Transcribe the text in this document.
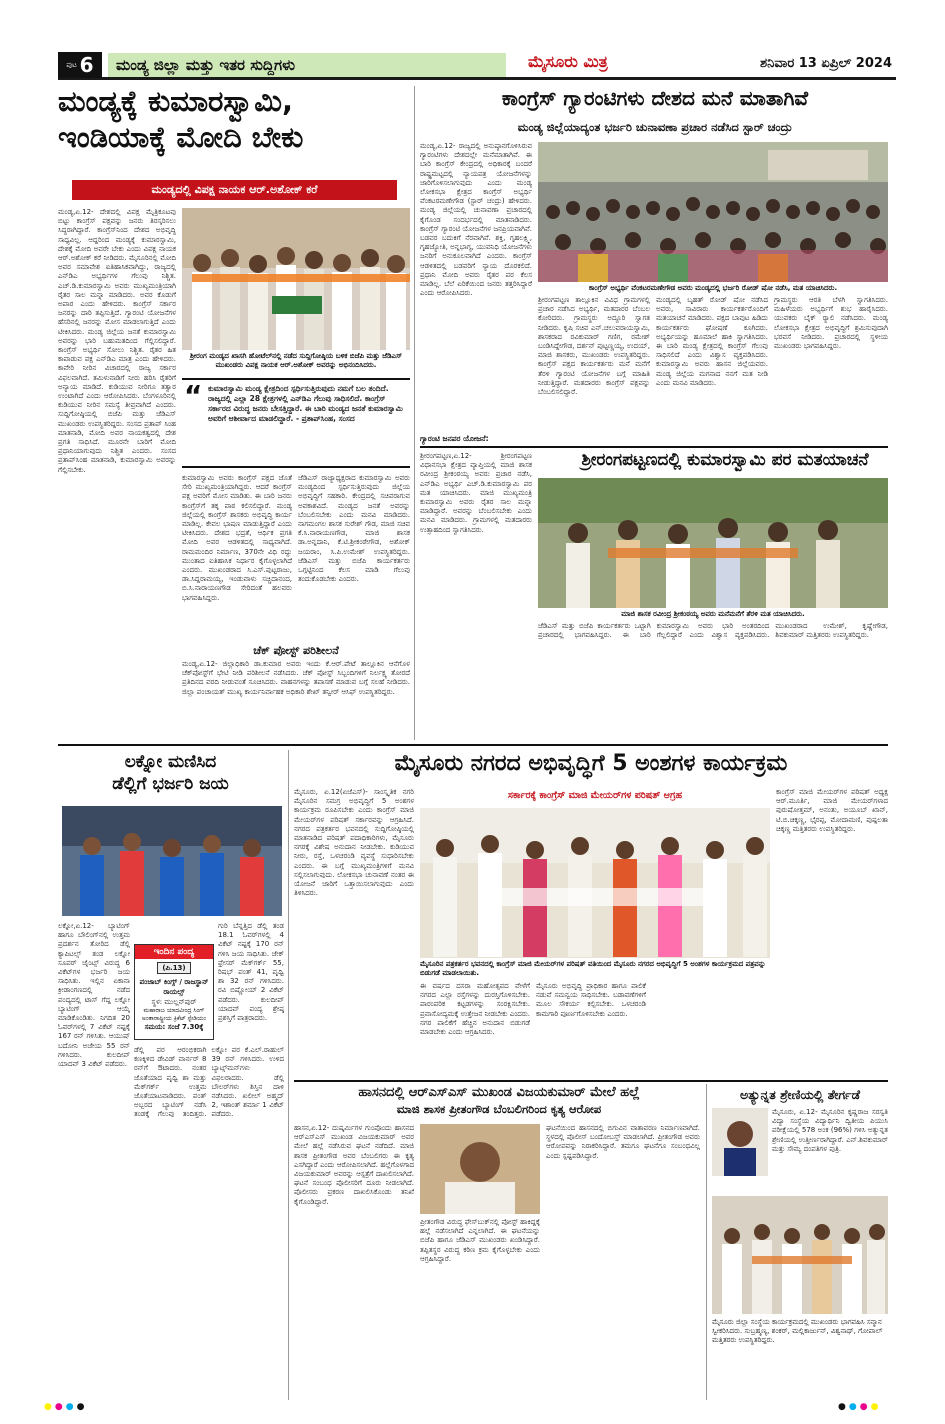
ಪುಟ 6	ಮಂಡ್ಯ ಜಿಲ್ಲಾ ಮತ್ತು ಇತರ ಸುದ್ದಿಗಳು	ಮೈಸೂರು ಮಿತ್ರ	ಶನಿವಾರ 13 ಏಪ್ರಿಲ್ 2024
ಮಂಡ್ಯಕ್ಕೆ ಕುಮಾರಸ್ವಾಮಿ,
ಇಂಡಿಯಾಕ್ಕೆ ಮೋದಿ ಬೇಕು
ಮಂಡ್ಯದಲ್ಲಿ ವಿಪಕ್ಷ ನಾಯಕ ಆರ್.ಅಶೋಕ್ ಕರೆ

ಮಂಡ್ಯ,ಏ.12- ದೇಶದಲ್ಲಿ ವಿಪಕ್ಷ ಮೈತ್ರಿಕೂಟವು ಬಿಟ್ಟು ಕಾಂಗ್ರೆಸ್ ಪಕ್ಷವನ್ನು ಜನರು ತಿರಸ್ಕರಿಸಲು ಸಿದ್ಧರಾಗಿದ್ದಾರೆ. ಕಾಂಗ್ರೆಸ್‌ನಿಂದ ದೇಶದ ಅಭಿವೃದ್ಧಿ ಸಾಧ್ಯವಿಲ್ಲ. ಆದ್ದರಿಂದ ಮಂಡ್ಯಕ್ಕೆ ಕುಮಾರಸ್ವಾಮಿ, ದೇಶಕ್ಕೆ ಮೋದಿ ಅವರೇ ಬೇಕು ಎಂದು ವಿಪಕ್ಷ ನಾಯಕ ಆರ್.ಅಶೋಕ್ ಕರೆ ನೀಡಿದರು. ಮೈಸೂರಿನಲ್ಲಿ ಮೋದಿ ಅವರ ಸಮಾವೇಶ ಐತಿಹಾಸಿಕವಾಗಿದ್ದು, ರಾಜ್ಯದಲ್ಲಿ ಎನ್‌ಡಿಎ ಅಭ್ಯರ್ಥಿಗಳ ಗೆಲುವು ನಿಶ್ಚಿತ. ಎಚ್.ಡಿ.ಕುಮಾರಸ್ವಾಮಿ ಅವರು ಮುಖ್ಯಮಂತ್ರಿಯಾಗಿ ರೈತರ ಸಾಲ ಮನ್ನಾ ಮಾಡಿದರು. ಅವರ ಕೊಡುಗೆ ಅಪಾರ ಎಂದು ಹೇಳಿದರು. ಕಾಂಗ್ರೆಸ್ ಸರ್ಕಾರ ಜನರನ್ನು ದಾರಿ ತಪ್ಪಿಸುತ್ತಿದೆ. ಗ್ಯಾರಂಟಿ ಯೋಜನೆಗಳ ಹೆಸರಿನಲ್ಲಿ ಜನರನ್ನು ಮೋಸ ಮಾಡಲಾಗುತ್ತಿದೆ ಎಂದು ಟೀಕಿಸಿದರು. ಮಂಡ್ಯ ಜಿಲ್ಲೆಯ ಜನತೆ ಕುಮಾರಸ್ವಾಮಿ ಅವರನ್ನು ಭಾರಿ ಬಹುಮತದಿಂದ ಗೆಲ್ಲಿಸಲಿದ್ದಾರೆ. ಕಾಂಗ್ರೆಸ್ ಅಭ್ಯರ್ಥಿ ಸೋಲು ನಿಶ್ಚಿತ. ರೈತರ ಹಿತ ಕಾಪಾಡುವ ಪಕ್ಷ ಎನ್‌ಡಿಎ ಮಾತ್ರ ಎಂದು ಹೇಳಿದರು. ಕಾವೇರಿ ನೀರಿನ ವಿಚಾರದಲ್ಲಿ ರಾಜ್ಯ ಸರ್ಕಾರ ವಿಫಲವಾಗಿದೆ. ತಮಿಳುನಾಡಿಗೆ ನೀರು ಹರಿಸಿ ರೈತರಿಗೆ ಅನ್ಯಾಯ ಮಾಡಿದೆ. ಕುಡಿಯುವ ನೀರಿಗೂ ತತ್ವಾರ ಉಂಟಾಗಿದೆ ಎಂದು ಆರೋಪಿಸಿದರು. ಬೆಂಗಳೂರಿನಲ್ಲಿ ಕುಡಿಯುವ ನೀರಿನ ಸಮಸ್ಯೆ ತೀವ್ರವಾಗಿದೆ ಎಂದರು. ಸುದ್ದಿಗೋಷ್ಠಿಯಲ್ಲಿ ಬಿಜೆಪಿ ಮತ್ತು ಜೆಡಿಎಸ್ ಮುಖಂಡರು ಉಪಸ್ಥಿತರಿದ್ದರು. ಸಂಸದ ಪ್ರತಾಪ್ ಸಿಂಹ ಮಾತನಾಡಿ, ಮೋದಿ ಅವರ ನಾಯಕತ್ವದಲ್ಲಿ ದೇಶ ಪ್ರಗತಿ ಸಾಧಿಸಿದೆ. ಮೂರನೇ ಬಾರಿಗೆ ಮೋದಿ ಪ್ರಧಾನಿಯಾಗುವುದು ನಿಶ್ಚಿತ ಎಂದರು. ಸಂಸದ ಪ್ರತಾಪ್‌ಸಿಂಹ ಮಾತನಾಡಿ, ಕುಮಾರಸ್ವಾಮಿ ಅವರನ್ನು ಗೆಲ್ಲಿಸಬೇಕು.

ಶ್ರೀರಂಗ ಮಂಡ್ಯದ ಖಾಸಗಿ ಹೋಟೆಲ್‌ನಲ್ಲಿ ನಡೆದ ಸುದ್ದಿಗೋಷ್ಠಿಯ ಬಳಿಕ ಬಿಜೆಪಿ ಮತ್ತು ಜೆಡಿಎಸ್ ಮುಖಂಡರು ವಿಪಕ್ಷ ನಾಯಕ ಆರ್.ಅಶೋಕ್ ಅವರನ್ನು ಅಭಿನಂದಿಸಿದರು.
“ ಕುಮಾರಸ್ವಾಮಿ ಮಂಡ್ಯ ಕ್ಷೇತ್ರದಿಂದ ಸ್ಪರ್ಧಿಸುತ್ತಿರುವುದು ನಮಗೆ ಬಲ ತಂದಿದೆ. ರಾಜ್ಯದಲ್ಲಿ ಎಲ್ಲಾ 28 ಕ್ಷೇತ್ರಗಳಲ್ಲಿ ಎನ್‌ಡಿಎ ಗೆಲುವು ಸಾಧಿಸಲಿದೆ. ಕಾಂಗ್ರೆಸ್ ಸರ್ಕಾರದ ವಿರುದ್ಧ ಜನರು ಬೇಸತ್ತಿದ್ದಾರೆ. ಈ ಬಾರಿ ಮಂಡ್ಯದ ಜನತೆ ಕುಮಾರಸ್ವಾಮಿ ಅವರಿಗೆ ಆಶೀರ್ವಾದ ಮಾಡಲಿದ್ದಾರೆ. - ಪ್ರತಾಪ್‌ಸಿಂಹ, ಸಂಸದ

ಕುಮಾರಸ್ವಾಮಿ ಅವರು ಕಾಂಗ್ರೆಸ್ ಪಕ್ಷದ ಜೊತೆ ಸೇರಿ ಮುಖ್ಯಮಂತ್ರಿಯಾಗಿದ್ದರು. ಆದರೆ ಕಾಂಗ್ರೆಸ್ ಪಕ್ಷ ಅವರಿಗೆ ಮೋಸ ಮಾಡಿತು. ಈ ಬಾರಿ ಜನರು ಕಾಂಗ್ರೆಸ್‌ಗೆ ತಕ್ಕ ಪಾಠ ಕಲಿಸಲಿದ್ದಾರೆ. ಮಂಡ್ಯ ಜಿಲ್ಲೆಯಲ್ಲಿ ಕಾಂಗ್ರೆಸ್ ಶಾಸಕರು ಅಭಿವೃದ್ಧಿ ಕಾರ್ಯ ಮಾಡಿಲ್ಲ. ಕೇವಲ ಭಾಷಣ ಮಾಡುತ್ತಿದ್ದಾರೆ ಎಂದು ಟೀಕಿಸಿದರು. ದೇಶದ ಭದ್ರತೆ, ಆರ್ಥಿಕ ಪ್ರಗತಿ ಮೋದಿ ಅವರ ಆಡಳಿತದಲ್ಲಿ ಸಾಧ್ಯವಾಗಿದೆ. ರಾಮಮಂದಿರ ನಿರ್ಮಾಣ, 370ನೇ ವಿಧಿ ರದ್ದು ಮುಂತಾದ ಐತಿಹಾಸಿಕ ನಿರ್ಧಾರ ಕೈಗೊಳ್ಳಲಾಗಿದೆ ಎಂದರು. ಮುಖಂಡರಾದ ಸಿ.ಎಸ್.ಪುಟ್ಟರಾಜು, ಡಾ.ಸಿದ್ದರಾಮಯ್ಯ, ಇಂಡುವಾಳು ಸಚ್ಚಿದಾನಂದ, ಬಿ.ಸಿ.ನಾರಾಯಣಗೌಡ ಸೇರಿದಂತೆ ಹಲವರು ಭಾಗವಹಿಸಿದ್ದರು.

ಜೆಡಿಎಸ್ ರಾಜ್ಯಾಧ್ಯಕ್ಷರಾದ ಕುಮಾರಸ್ವಾಮಿ ಅವರು ಮಂಡ್ಯದಿಂದ ಸ್ಪರ್ಧಿಸುತ್ತಿರುವುದು ಜಿಲ್ಲೆಯ ಅಭಿವೃದ್ಧಿಗೆ ಸಹಕಾರಿ. ಕೇಂದ್ರದಲ್ಲಿ ಸಚಿವರಾಗುವ ಅವಕಾಶವಿದೆ. ಮಂಡ್ಯದ ಜನತೆ ಅವರನ್ನು ಬೆಂಬಲಿಸಬೇಕು ಎಂದು ಮನವಿ ಮಾಡಿದರು. ನಾಗಮಂಗಲ ಶಾಸಕ ಸುರೇಶ್ ಗೌಡ, ಮಾಜಿ ಸಚಿವ ಕೆ.ಸಿ.ನಾರಾಯಣಗೌಡ, ಮಾಜಿ ಶಾಸಕ ಡಾ.ಅನ್ನದಾನಿ, ಕೆ.ಟಿ.ಶ್ರೀಕಂಠೇಗೌಡ, ಅಶೋಕ್ ಜಯರಾಂ, ಸಿ.ಪಿ.ಉಮೇಶ್ ಉಪಸ್ಥಿತರಿದ್ದರು. ಜೆಡಿಎಸ್ ಮತ್ತು ಬಿಜೆಪಿ ಕಾರ್ಯಕರ್ತರು ಒಗ್ಗಟ್ಟಿನಿಂದ ಕೆಲಸ ಮಾಡಿ ಗೆಲುವು ತಂದುಕೊಡಬೇಕು ಎಂದರು.

ಚೆಕ್ ಪೋಸ್ಟ್ ಪರಿಶೀಲನೆ

ಮಂಡ್ಯ,ಏ.12- ಜಿಲ್ಲಾಧಿಕಾರಿ ಡಾ.ಕುಮಾರ ಅವರು ಇಂದು ಕೆ.ಆರ್.ಪೇಟೆ ತಾಲ್ಲೂಕಿನ ಆನೆಗೊಳ ಚೆಕ್‌ಪೋಸ್ಟ್‌ಗೆ ಭೇಟಿ ನೀಡಿ ಪರಿಶೀಲನೆ ನಡೆಸಿದರು. ಚೆಕ್ ಪೋಸ್ಟ್ ಸಿಬ್ಬಂದಿಗಳಿಗೆ ನಿರ್ಲಕ್ಷ್ಯ ತೋರದೆ ಪ್ರತಿದಿನದ ವರದಿ ನೀಡುವಂತೆ ಸೂಚಿಸಿದರು. ವಾಹನಗಳನ್ನು ತಪಾಸಣೆ ಮಾಡುವ ಬಗ್ಗೆ ಸಲಹೆ ನೀಡಿದರು. ಜಿಲ್ಲಾ ಪಂಚಾಯತ್ ಮುಖ್ಯ ಕಾರ್ಯನಿರ್ವಾಹಕ ಅಧಿಕಾರಿ ಶೇಖ್ ತನ್ವೀರ್ ಆಸಿಫ್ ಉಪಸ್ಥಿತರಿದ್ದರು.

ಕಾಂಗ್ರೆಸ್ ಗ್ಯಾರಂಟಿಗಳು ದೇಶದ ಮನೆ ಮಾತಾಗಿವೆ
ಮಂಡ್ಯ ಜಿಲ್ಲೆಯಾದ್ಯಂತ ಭರ್ಜರಿ ಚುನಾವಣಾ ಪ್ರಚಾರ ನಡೆಸಿದ ಸ್ಟಾರ್ ಚಂದ್ರು

ಮಂಡ್ಯ,ಏ.12- ರಾಜ್ಯದಲ್ಲಿ ಅನುಷ್ಠಾನಗೊಳಿಸಿರುವ ಗ್ಯಾರಂಟಿಗಳು ದೇಶದಲ್ಲೇ ಮನೆಮಾತಾಗಿವೆ. ಈ ಬಾರಿ ಕಾಂಗ್ರೆಸ್ ಕೇಂದ್ರದಲ್ಲಿ ಅಧಿಕಾರಕ್ಕೆ ಬಂದರೆ ರಾಷ್ಟ್ರಮಟ್ಟದಲ್ಲಿ ನ್ಯಾಯಪತ್ರ ಯೋಜನೆಗಳನ್ನು ಜಾರಿಗೊಳಿಸಲಾಗುವುದು ಎಂದು ಮಂಡ್ಯ ಲೋಕಸಭಾ ಕ್ಷೇತ್ರದ ಕಾಂಗ್ರೆಸ್ ಅಭ್ಯರ್ಥಿ ವೆಂಕಟರಮಣೇಗೌಡ (ಸ್ಟಾರ್ ಚಂದ್ರು) ಹೇಳಿದರು. ಮಂಡ್ಯ ಜಿಲ್ಲೆಯಲ್ಲಿ ಚುನಾವಣಾ ಪ್ರಚಾರದಲ್ಲಿ ಕೈಗೊಂಡ ಸಂದರ್ಭದಲ್ಲಿ ಮಾತನಾಡಿದರು. ಕಾಂಗ್ರೆಸ್ ಗ್ಯಾರಂಟಿ ಯೋಜನೆಗಳ ಜನಪ್ರಿಯವಾಗಿವೆ. ಬಡವರ ಬದುಕಿಗೆ ನೆರವಾಗಿವೆ. ಶಕ್ತಿ, ಗೃಹಲಕ್ಷ್ಮಿ, ಗೃಹಜ್ಯೋತಿ, ಅನ್ನಭಾಗ್ಯ, ಯುವನಿಧಿ ಯೋಜನೆಗಳು ಜನರಿಗೆ ಅನುಕೂಲವಾಗಿದೆ ಎಂದರು. ಕಾಂಗ್ರೆಸ್ ಆಡಳಿತದಲ್ಲಿ ಬಡವರಿಗೆ ನ್ಯಾಯ ದೊರಕಲಿದೆ. ಪ್ರಧಾನಿ ಮೋದಿ ಅವರು ರೈತರ ಪರ ಕೆಲಸ ಮಾಡಿಲ್ಲ. ಬೆಲೆ ಏರಿಕೆಯಿಂದ ಜನರು ತತ್ತರಿಸಿದ್ದಾರೆ ಎಂದು ಆರೋಪಿಸಿದರು.

ಕಾಂಗ್ರೆಸ್ ಅಭ್ಯರ್ಥಿ ವೆಂಕಟರಮಣೇಗೌಡ ಅವರು ಮಂಡ್ಯದಲ್ಲಿ ಭರ್ಜರಿ ರೋಡ್ ಷೋ ನಡೆಸಿ, ಮತ ಯಾಚಿಸಿದರು.

ಶ್ರೀರಂಗಪಟ್ಟಣ ತಾಲ್ಲೂಕಿನ ವಿವಿಧ ಗ್ರಾಮಗಳಲ್ಲಿ ಪ್ರಚಾರ ನಡೆಸಿದ ಅಭ್ಯರ್ಥಿ, ಮತದಾರರ ಬೆಂಬಲ ಕೋರಿದರು. ಗ್ರಾಮಸ್ಥರು ಅದ್ದೂರಿ ಸ್ವಾಗತ ನೀಡಿದರು. ಕೃಷಿ ಸಚಿವ ಎನ್.ಚಲುವರಾಯಸ್ವಾಮಿ, ಶಾಸಕರಾದ ರವಿಕುಮಾರ್ ಗಣಿಗ, ರಮೇಶ್ ಬಂಡಿಸಿದ್ದೇಗೌಡ, ದರ್ಶನ್ ಪುಟ್ಟಣ್ಣಯ್ಯ, ಉದಯ್, ಮಾಜಿ ಶಾಸಕರು, ಮುಖಂಡರು ಉಪಸ್ಥಿತರಿದ್ದರು. ಕಾಂಗ್ರೆಸ್ ಪಕ್ಷದ ಕಾರ್ಯಕರ್ತರು ಮನೆ ಮನೆಗೆ ತೆರಳಿ ಗ್ಯಾರಂಟಿ ಯೋಜನೆಗಳ ಬಗ್ಗೆ ಮಾಹಿತಿ ನೀಡುತ್ತಿದ್ದಾರೆ. ಮತದಾರರು ಕಾಂಗ್ರೆಸ್ ಪಕ್ಷವನ್ನು ಬೆಂಬಲಿಸಲಿದ್ದಾರೆ.

ಮಂಡ್ಯದಲ್ಲಿ ಬೃಹತ್ ರೋಡ್ ಷೋ ನಡೆಸಿದ ಅವರು, ಸಾವಿರಾರು ಕಾರ್ಯಕರ್ತರೊಂದಿಗೆ ಮತಯಾಚನೆ ಮಾಡಿದರು. ಪಕ್ಷದ ಬಾವುಟ ಹಿಡಿದು ಕಾರ್ಯಕರ್ತರು ಘೋಷಣೆ ಕೂಗಿದರು. ಅಭ್ಯರ್ಥಿಯನ್ನು ಹೂಮಾಲೆ ಹಾಕಿ ಸ್ವಾಗತಿಸಿದರು. ಈ ಬಾರಿ ಮಂಡ್ಯ ಕ್ಷೇತ್ರದಲ್ಲಿ ಕಾಂಗ್ರೆಸ್ ಗೆಲುವು ಸಾಧಿಸಲಿದೆ ಎಂದು ವಿಶ್ವಾಸ ವ್ಯಕ್ತಪಡಿಸಿದರು. ಕುಮಾರಸ್ವಾಮಿ ಅವರು ಹಾಸನ ಜಿಲ್ಲೆಯವರು. ಮಂಡ್ಯ ಜಿಲ್ಲೆಯ ಮಗನಾದ ನನಗೆ ಮತ ನೀಡಿ ಎಂದು ಮನವಿ ಮಾಡಿದರು.

ಗ್ರಾಮಸ್ಥರು ಆರತಿ ಬೆಳಗಿ ಸ್ವಾಗತಿಸಿದರು. ಮಹಿಳೆಯರು ಅಭ್ಯರ್ಥಿಗೆ ಶುಭ ಹಾರೈಸಿದರು. ಯುವಕರು ಬೈಕ್ ರ‍್ಯಾಲಿ ನಡೆಸಿದರು. ಮಂಡ್ಯ ಲೋಕಸಭಾ ಕ್ಷೇತ್ರದ ಅಭಿವೃದ್ಧಿಗೆ ಶ್ರಮಿಸುವುದಾಗಿ ಭರವಸೆ ನೀಡಿದರು. ಪ್ರಚಾರದಲ್ಲಿ ಸ್ಥಳೀಯ ಮುಖಂಡರು ಭಾಗವಹಿಸಿದ್ದರು.

ಗ್ಯಾರಂಟಿ ಜನಪರ ಯೋಜನೆ:
ಶ್ರೀರಂಗಪಟ್ಟಣದಲ್ಲಿ ಕುಮಾರಸ್ವಾಮಿ ಪರ ಮತಯಾಚನೆ

ಶ್ರೀರಂಗಪಟ್ಟಣ,ಏ.12- ಶ್ರೀರಂಗಪಟ್ಟಣ ವಿಧಾನಸಭಾ ಕ್ಷೇತ್ರದ ವ್ಯಾಪ್ತಿಯಲ್ಲಿ ಮಾಜಿ ಶಾಸಕ ರವೀಂದ್ರ ಶ್ರೀಕಂಠಯ್ಯ ಅವರು ಪ್ರಚಾರ ನಡೆಸಿ, ಎನ್‌ಡಿಎ ಅಭ್ಯರ್ಥಿ ಎಚ್.ಡಿ.ಕುಮಾರಸ್ವಾಮಿ ಪರ ಮತ ಯಾಚಿಸಿದರು. ಮಾಜಿ ಮುಖ್ಯಮಂತ್ರಿ ಕುಮಾರಸ್ವಾಮಿ ಅವರು ರೈತರ ಸಾಲ ಮನ್ನಾ ಮಾಡಿದ್ದಾರೆ. ಅವರನ್ನು ಬೆಂಬಲಿಸಬೇಕು ಎಂದು ಮನವಿ ಮಾಡಿದರು. ಗ್ರಾಮಗಳಲ್ಲಿ ಮತದಾರರು ಉತ್ಸಾಹದಿಂದ ಸ್ವಾಗತಿಸಿದರು.

ಮಾಜಿ ಶಾಸಕ ರವೀಂದ್ರ ಶ್ರೀಕಂಠಯ್ಯ ಅವರು ಮನೆಮನೆಗೆ ತೆರಳಿ ಮತ ಯಾಚಿಸಿದರು.

ಜೆಡಿಎಸ್ ಮತ್ತು ಬಿಜೆಪಿ ಕಾರ್ಯಕರ್ತರು ಒಟ್ಟಾಗಿ ಪ್ರಚಾರದಲ್ಲಿ ಭಾಗವಹಿಸಿದ್ದರು. ಈ ಬಾರಿ ಕುಮಾರಸ್ವಾಮಿ ಅವರು ಭಾರಿ ಅಂತರದಿಂದ ಗೆಲ್ಲಲಿದ್ದಾರೆ ಎಂದು ವಿಶ್ವಾಸ ವ್ಯಕ್ತಪಡಿಸಿದರು. ಮುಖಂಡರಾದ ಉಮೇಶ್, ಕೃಷ್ಣೇಗೌಡ, ಶಿವಕುಮಾರ್ ಮತ್ತಿತರರು ಉಪಸ್ಥಿತರಿದ್ದರು.

ಲಕ್ನೋ ಮಣಿಸಿದ
ಡೆಲ್ಲಿಗೆ ಭರ್ಜರಿ ಜಯ

ಲಕ್ನೋ,ಏ.12- ಬ್ಯಾಟಿಂಗ್ ಹಾಗೂ ಬೌಲಿಂಗ್‌ನಲ್ಲಿ ಉತ್ತಮ ಪ್ರದರ್ಶನ ತೋರಿದ ಡೆಲ್ಲಿ ಕ್ಯಾಪಿಟಲ್ಸ್ ತಂಡ ಲಕ್ನೋ ಸೂಪರ್ ಜೈಂಟ್ಸ್ ವಿರುದ್ಧ 6 ವಿಕೆಟ್‌ಗಳ ಭರ್ಜರಿ ಜಯ ಸಾಧಿಸಿತು. ಇಲ್ಲಿನ ಏಕಾನಾ ಕ್ರೀಡಾಂಗಣದಲ್ಲಿ ನಡೆದ ಪಂದ್ಯದಲ್ಲಿ ಟಾಸ್ ಗೆದ್ದ ಲಕ್ನೋ ಬ್ಯಾಟಿಂಗ್ ಆಯ್ಕೆ ಮಾಡಿಕೊಂಡಿತು. ನಿಗದಿತ 20 ಓವರ್‌ಗಳಲ್ಲಿ 7 ವಿಕೆಟ್ ನಷ್ಟಕ್ಕೆ 167 ರನ್ ಗಳಿಸಿತು. ಆಯುಷ್ ಬದೋನಿ ಅಜೇಯ 55 ರನ್ ಗಳಿಸಿದರು. ಕುಲದೀಪ್ ಯಾದವ್ 3 ವಿಕೆಟ್ ಪಡೆದರು.

ಇಂದಿನ ಪಂದ್ಯ
(ಪಿ.13)
ಪಂಜಾಬ್ ಕಿಂಗ್ಸ್ / ರಾಜಸ್ಥಾನ್ ರಾಯಲ್ಸ್
ಸ್ಥಳ: ಮುಲ್ಲನ್‌ಪುರ್
ಮಹಾರಾಜ ಯಾದವೀಂದ್ರ ಸಿಂಗ್ ಅಂತಾರಾಷ್ಟ್ರೀಯ ಕ್ರಿಕೆಟ್ ಸ್ಟೇಡಿಯಂ
ಸಮಯ: ಸಂಜೆ 7.30ಕ್ಕೆ

ಗುರಿ ಬೆನ್ನತ್ತಿದ ಡೆಲ್ಲಿ ತಂಡ 18.1 ಓವರ್‌ಗಳಲ್ಲಿ 4 ವಿಕೆಟ್ ನಷ್ಟಕ್ಕೆ 170 ರನ್ ಗಳಿಸಿ ಜಯ ಸಾಧಿಸಿತು. ಜೇಕ್ ಫ್ರೇಸರ್ ಮೆಕ್‌ಗರ್ಕ್ 55, ರಿಷಭ್ ಪಂತ್ 41, ಪೃಥ್ವಿ ಶಾ 32 ರನ್ ಗಳಿಸಿದರು. ರವಿ ಬಿಷ್ಣೋಯ್ 2 ವಿಕೆಟ್ ಪಡೆದರು. ಕುಲದೀಪ್ ಯಾದವ್ ಪಂದ್ಯ ಶ್ರೇಷ್ಠ ಪ್ರಶಸ್ತಿಗೆ ಪಾತ್ರರಾದರು.

ಡೆಲ್ಲಿ ಪರ ಆರಂಭಿಕರಾಗಿ ಕಣಕ್ಕಿಳಿದ ಡೇವಿಡ್ ವಾರ್ನರ್ 8 ರನ್‌ಗೆ ಔಟಾದರು. ನಂತರ ಜೊತೆಯಾದ ಪೃಥ್ವಿ ಶಾ ಮತ್ತು ಮೆಕ್‌ಗರ್ಕ್ ಉತ್ತಮ ಜೊತೆಯಾಟವಾಡಿದರು. ಪಂತ್ ಅಬ್ಬರದ ಬ್ಯಾಟಿಂಗ್ ನಡೆಸಿ ತಂಡಕ್ಕೆ ಗೆಲುವು ತಂದಿತ್ತರು. ಲಕ್ನೋ ಪರ ಕೆ.ಎಲ್.ರಾಹುಲ್ 39 ರನ್ ಗಳಿಸಿದರು. ಉಳಿದ ಬ್ಯಾಟ್ಸ್‌ಮನ್‌ಗಳು ವಿಫಲರಾದರು. ಡೆಲ್ಲಿ ಬೌಲರ್‌ಗಳು ಶಿಸ್ತಿನ ದಾಳಿ ನಡೆಸಿದರು. ಖಲೀಲ್ ಅಹ್ಮದ್ 2, ಇಶಾಂತ್ ಶರ್ಮಾ 1 ವಿಕೆಟ್ ಪಡೆದರು.

ಮೈಸೂರು ನಗರದ ಅಭಿವೃದ್ಧಿಗೆ 5 ಅಂಶಗಳ ಕಾರ್ಯಕ್ರಮ
ಸರ್ಕಾರಕ್ಕೆ ಕಾಂಗ್ರೆಸ್ ಮಾಜಿ ಮೇಯರ್‌ಗಳ ಪರಿಷತ್ ಆಗ್ರಹ

ಮೈಸೂರು, ಏ.12(ಏಜೆಎಸ್)- ಸಾಂಸ್ಕೃತಿಕ ನಗರಿ ಮೈಸೂರಿನ ಸಮಗ್ರ ಅಭಿವೃದ್ಧಿಗೆ 5 ಅಂಶಗಳ ಕಾರ್ಯಕ್ರಮ ರೂಪಿಸಬೇಕು ಎಂದು ಕಾಂಗ್ರೆಸ್ ಮಾಜಿ ಮೇಯರ್‌ಗಳ ಪರಿಷತ್ ಸರ್ಕಾರವನ್ನು ಆಗ್ರಹಿಸಿದೆ. ನಗರದ ಪತ್ರಕರ್ತರ ಭವನದಲ್ಲಿ ಸುದ್ದಿಗೋಷ್ಠಿಯಲ್ಲಿ ಮಾತನಾಡಿದ ಪರಿಷತ್ ಪದಾಧಿಕಾರಿಗಳು, ಮೈಸೂರು ನಗರಕ್ಕೆ ವಿಶೇಷ ಅನುದಾನ ನೀಡಬೇಕು. ಕುಡಿಯುವ ನೀರು, ರಸ್ತೆ, ಒಳಚರಂಡಿ ವ್ಯವಸ್ಥೆ ಸುಧಾರಿಸಬೇಕು ಎಂದರು. ಈ ಬಗ್ಗೆ ಮುಖ್ಯಮಂತ್ರಿಗಳಿಗೆ ಮನವಿ ಸಲ್ಲಿಸಲಾಗುವುದು. ಲೋಕಸಭಾ ಚುನಾವಣೆ ನಂತರ ಈ ಯೋಜನೆ ಜಾರಿಗೆ ಒತ್ತಾಯಿಸಲಾಗುವುದು ಎಂದು ತಿಳಿಸಿದರು.

ಮೈಸೂರಿನ ಪತ್ರಕರ್ತರ ಭವನದಲ್ಲಿ ಕಾಂಗ್ರೆಸ್ ಮಾಜಿ ಮೇಯರ್‌ಗಳ ಪರಿಷತ್ ವತಿಯಿಂದ ಮೈಸೂರು ನಗರದ ಅಭಿವೃದ್ಧಿಗೆ 5 ಅಂಶಗಳ ಕಾರ್ಯಕ್ರಮದ ಪತ್ರವನ್ನು ಬಿಡುಗಡೆ ಮಾಡಲಾಯಿತು.

ಈ ವರ್ಷದ ದಸರಾ ಮಹೋತ್ಸವದ ವೇಳೆಗೆ ನಗರದ ಎಲ್ಲಾ ರಸ್ತೆಗಳನ್ನು ದುರಸ್ತಿಗೊಳಿಸಬೇಕು. ಪಾರಂಪರಿಕ ಕಟ್ಟಡಗಳನ್ನು ಸಂರಕ್ಷಿಸಬೇಕು. ಪ್ರವಾಸೋದ್ಯಮಕ್ಕೆ ಉತ್ತೇಜನ ನೀಡಬೇಕು ಎಂದರು. ನಗರ ಪಾಲಿಕೆಗೆ ಹೆಚ್ಚಿನ ಅನುದಾನ ಬಿಡುಗಡೆ ಮಾಡಬೇಕು ಎಂದು ಆಗ್ರಹಿಸಿದರು.

ಮೈಸೂರು ಅಭಿವೃದ್ಧಿ ಪ್ರಾಧಿಕಾರ ಹಾಗೂ ಪಾಲಿಕೆ ನಡುವೆ ಸಮನ್ವಯ ಸಾಧಿಸಬೇಕು. ಬಡಾವಣೆಗಳಿಗೆ ಮೂಲ ಸೌಕರ್ಯ ಕಲ್ಪಿಸಬೇಕು. ಒಳಚರಂಡಿ ಕಾಮಗಾರಿ ಪೂರ್ಣಗೊಳಿಸಬೇಕು ಎಂದರು.

ಕಾಂಗ್ರೆಸ್ ಮಾಜಿ ಮೇಯರ್‌ಗಳ ಪರಿಷತ್ ಅಧ್ಯಕ್ಷ ಆರ್.ಮೂರ್ತಿ, ಮಾಜಿ ಮೇಯರ್‌ಗಳಾದ ಪುರುಷೋತ್ತಮ್, ಅನಂತು, ಅಯೂಬ್ ಖಾನ್, ಟಿ.ಬಿ.ಚಿಕ್ಕಣ್ಣ, ಭೈರಪ್ಪ, ಮೋದಾಮಣಿ, ಪುಷ್ಪಲತಾ ಚಿಕ್ಕಣ್ಣ ಮತ್ತಿತರರು ಉಪಸ್ಥಿತರಿದ್ದರು.

ಹಾಸನದಲ್ಲಿ ಆರ್‌ಎಸ್‌ಎಸ್ ಮುಖಂಡ ವಿಜಯಕುಮಾರ್ ಮೇಲೆ ಹಲ್ಲೆ
ಮಾಜಿ ಶಾಸಕ ಪ್ರೀತಂಗೌಡ ಬೆಂಬಲಿಗರಿಂದ ಕೃತ್ಯ ಆರೋಪ

ಹಾಸನ,ಏ.12- ದುಷ್ಕರ್ಮಿಗಳ ಗುಂಪೊಂದು ಹಾಸನದ ಆರ್‌ಎಸ್‌ಎಸ್ ಮುಖಂಡ ವಿಜಯಕುಮಾರ್ ಅವರ ಮೇಲೆ ಹಲ್ಲೆ ನಡೆಸಿರುವ ಘಟನೆ ನಡೆದಿದೆ. ಮಾಜಿ ಶಾಸಕ ಪ್ರೀತಂಗೌಡ ಅವರ ಬೆಂಬಲಿಗರು ಈ ಕೃತ್ಯ ಎಸಗಿದ್ದಾರೆ ಎಂದು ಆರೋಪಿಸಲಾಗಿದೆ. ಹಲ್ಲೆಗೊಳಗಾದ ವಿಜಯಕುಮಾರ್ ಅವರನ್ನು ಆಸ್ಪತ್ರೆಗೆ ದಾಖಲಿಸಲಾಗಿದೆ. ಘಟನೆ ಸಂಬಂಧ ಪೊಲೀಸರಿಗೆ ದೂರು ನೀಡಲಾಗಿದೆ. ಪೊಲೀಸರು ಪ್ರಕರಣ ದಾಖಲಿಸಿಕೊಂಡು ತನಿಖೆ ಕೈಗೊಂಡಿದ್ದಾರೆ.

ಪ್ರೀತಂಗೌಡ ವಿರುದ್ಧ ಫೇಸ್‌ಬುಕ್‌ನಲ್ಲಿ ಪೋಸ್ಟ್ ಹಾಕಿದ್ದಕ್ಕೆ ಹಲ್ಲೆ ನಡೆಸಲಾಗಿದೆ ಎನ್ನಲಾಗಿದೆ. ಈ ಘಟನೆಯನ್ನು ಬಿಜೆಪಿ ಹಾಗೂ ಜೆಡಿಎಸ್ ಮುಖಂಡರು ಖಂಡಿಸಿದ್ದಾರೆ. ತಪ್ಪಿತಸ್ಥರ ವಿರುದ್ಧ ಕಠಿಣ ಕ್ರಮ ಕೈಗೊಳ್ಳಬೇಕು ಎಂದು ಆಗ್ರಹಿಸಿದ್ದಾರೆ.

ಘಟನೆಯಿಂದ ಹಾಸನದಲ್ಲಿ ಬಿಗುವಿನ ವಾತಾವರಣ ನಿರ್ಮಾಣವಾಗಿದೆ. ಸ್ಥಳದಲ್ಲಿ ಪೊಲೀಸ್ ಬಂದೋಬಸ್ತ್ ಮಾಡಲಾಗಿದೆ. ಪ್ರೀತಂಗೌಡ ಅವರು ಆರೋಪವನ್ನು ನಿರಾಕರಿಸಿದ್ದಾರೆ. ತಮಗೂ ಘಟನೆಗೂ ಸಂಬಂಧವಿಲ್ಲ ಎಂದು ಸ್ಪಷ್ಟಪಡಿಸಿದ್ದಾರೆ.

ಅತ್ಯುನ್ನತ ಶ್ರೇಣಿಯಲ್ಲಿ ತೇರ್ಗಡೆ

ಮೈಸೂರು, ಏ.12- ಮೈಸೂರಿನ ಕೃಷ್ಣರಾಜ ಸರಸ್ವತಿ ವಿದ್ಯಾ ಸಂಸ್ಥೆಯ ವಿದ್ಯಾರ್ಥಿನಿ ದ್ವಿತೀಯ ಪಿಯುಸಿ ಪರೀಕ್ಷೆಯಲ್ಲಿ 578 ಅಂಕ (96%) ಗಳಿಸಿ ಅತ್ಯುನ್ನತ ಶ್ರೇಣಿಯಲ್ಲಿ ಉತ್ತೀರ್ಣರಾಗಿದ್ದಾರೆ. ಎನ್.ಶಿವಕುಮಾರ್ ಮತ್ತು ಸೌಮ್ಯ ದಂಪತಿಗಳ ಪುತ್ರಿ.

ಮೈಸೂರು ಜಿಲ್ಲಾ ಸಂಸ್ಥೆಯ ಕಾರ್ಯಕ್ರಮದಲ್ಲಿ ಮುಖಂಡರು ಭಾಗವಹಿಸಿ ಸನ್ಮಾನ ಸ್ವೀಕರಿಸಿದರು. ಸುಬ್ರಹ್ಮಣ್ಯ, ಶಂಕರ್, ಮಲ್ಲಿಕಾರ್ಜುನ್, ವಿಶ್ವನಾಥ್, ಗೋಪಾಲ್ ಮತ್ತಿತರರು ಉಪಸ್ಥಿತರಿದ್ದರು.
●●●●	●●●●
